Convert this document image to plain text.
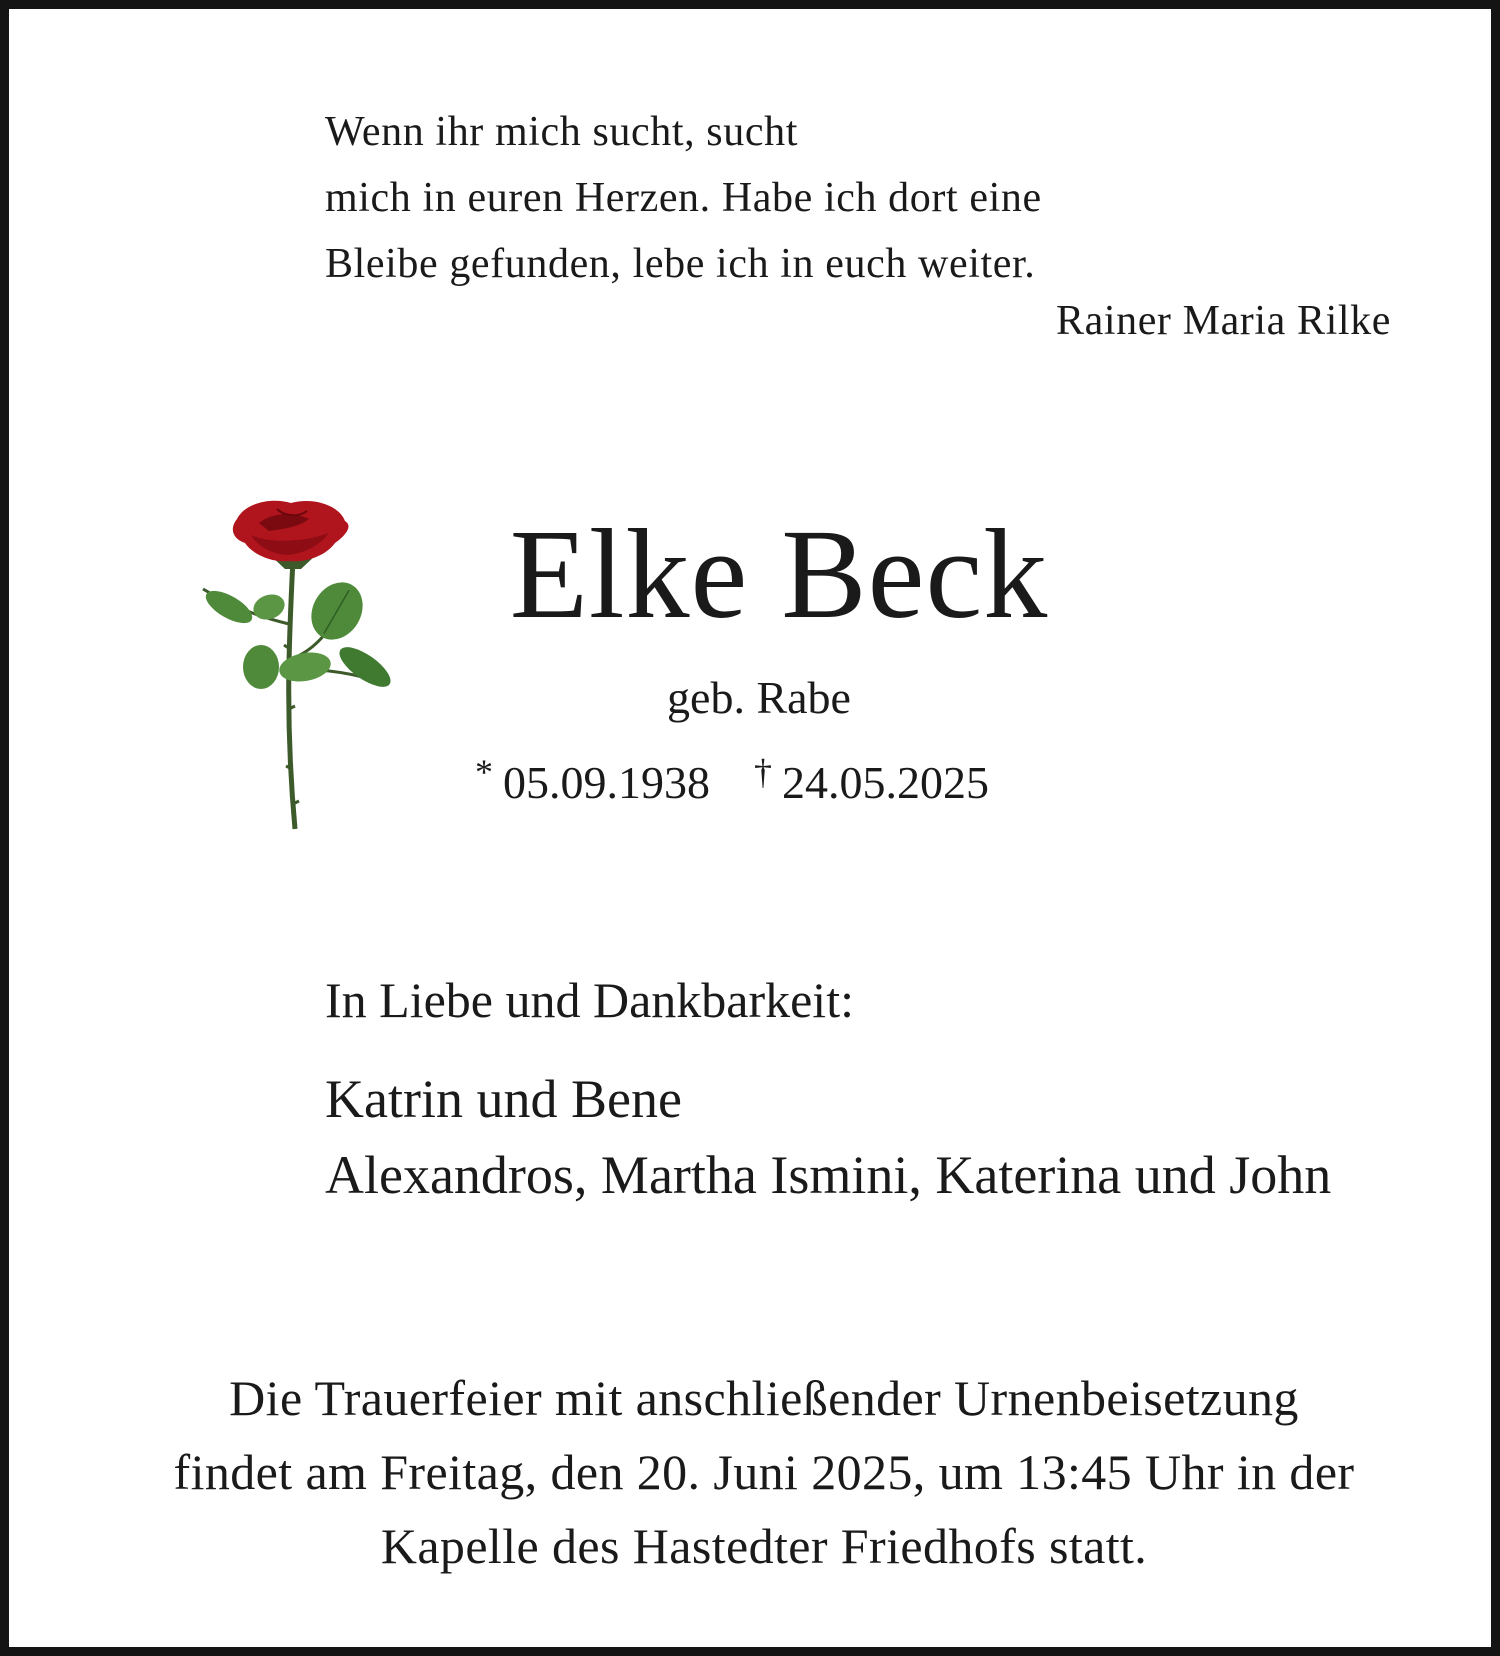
Wenn ihr mich sucht, sucht
mich in euren Herzen. Habe ich dort eine
Bleibe gefunden, lebe ich in euch weiter.
Rainer Maria Rilke
Elke Beck
geb. Rabe
* 05.09.1938 † 24.05.2025
In Liebe und Dankbarkeit:
Katrin und Bene
Alexandros, Martha Ismini, Katerina und John
Die Trauerfeier mit anschließender Urnenbeisetzung
findet am Freitag, den 20. Juni 2025, um 13:45 Uhr in der
Kapelle des Hastedter Friedhofs statt.
